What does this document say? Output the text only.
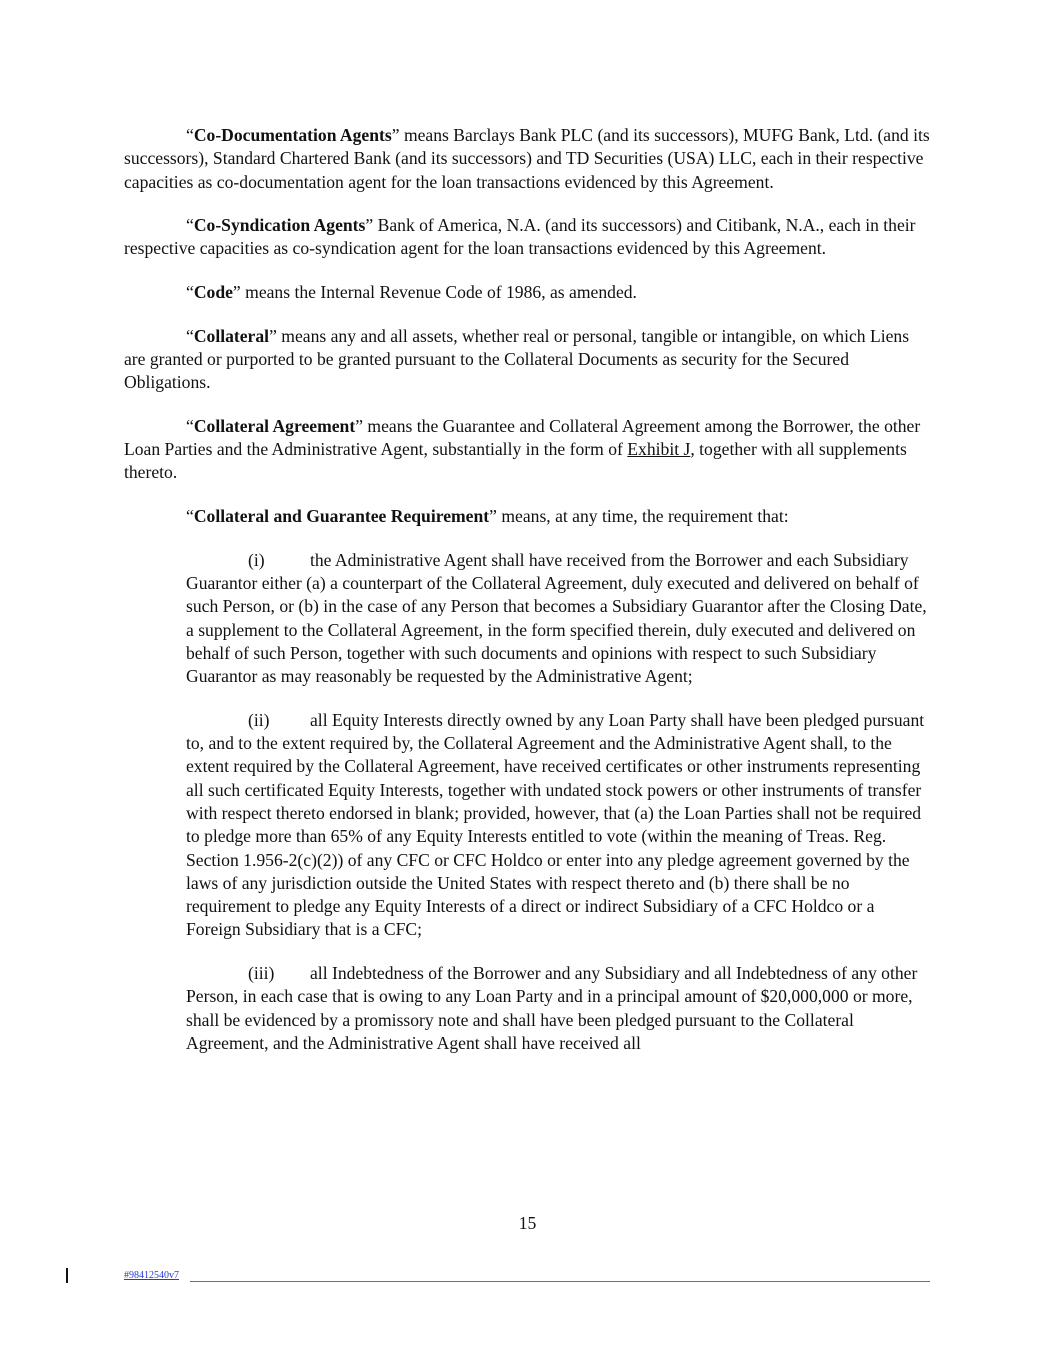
“Co-Documentation Agents” means Barclays Bank PLC (and its successors), MUFG Bank, Ltd. (and its successors), Standard Chartered Bank (and its successors) and TD Securities (USA) LLC, each in their respective capacities as co-documentation agent for the loan transactions evidenced by this Agreement.

“Co-Syndication Agents” Bank of America, N.A. (and its successors) and Citibank, N.A., each in their respective capacities as co-syndication agent for the loan transactions evidenced by this Agreement.

“Code” means the Internal Revenue Code of 1986, as amended.

“Collateral” means any and all assets, whether real or personal, tangible or intangible, on which Liens are granted or purported to be granted pursuant to the Collateral Documents as security for the Secured Obligations.

“Collateral Agreement” means the Guarantee and Collateral Agreement among the Borrower, the other Loan Parties and the Administrative Agent, substantially in the form of Exhibit J, together with all supplements thereto.

“Collateral and Guarantee Requirement” means, at any time, the requirement that:

(i)	the Administrative Agent shall have received from the Borrower and each Subsidiary Guarantor either (a) a counterpart of the Collateral Agreement, duly executed and delivered on behalf of such Person, or (b) in the case of any Person that becomes a Subsidiary Guarantor after the Closing Date, a supplement to the Collateral Agreement, in the form specified therein, duly executed and delivered on behalf of such Person, together with such documents and opinions with respect to such Subsidiary Guarantor as may reasonably be requested by the Administrative Agent;

(ii) all Equity Interests directly owned by any Loan Party shall have been pledged pursuant to, and to the extent required by, the Collateral Agreement and the Administrative Agent shall, to the extent required by the Collateral Agreement, have received certificates or other instruments representing all such certificated Equity Interests, together with undated stock powers or other instruments of transfer with respect thereto endorsed in blank; provided, however, that (a) the Loan Parties shall not be required to pledge more than 65% of any Equity Interests entitled to vote (within the meaning of Treas. Reg. Section 1.956-2(c)(2)) of any CFC or CFC Holdco or enter into any pledge agreement governed by the laws of any jurisdiction outside the United States with respect thereto and (b) there shall be no requirement to pledge any Equity Interests of a direct or indirect Subsidiary of a CFC Holdco or a Foreign Subsidiary that is a CFC;

(iii) all Indebtedness of the Borrower and any Subsidiary and all Indebtedness of any other Person, in each case that is owing to any Loan Party and in a principal amount of $20,000,000 or more, shall be evidenced by a promissory note and shall have been pledged pursuant to the Collateral Agreement, and the Administrative Agent shall have received all

15
#98412540v7
